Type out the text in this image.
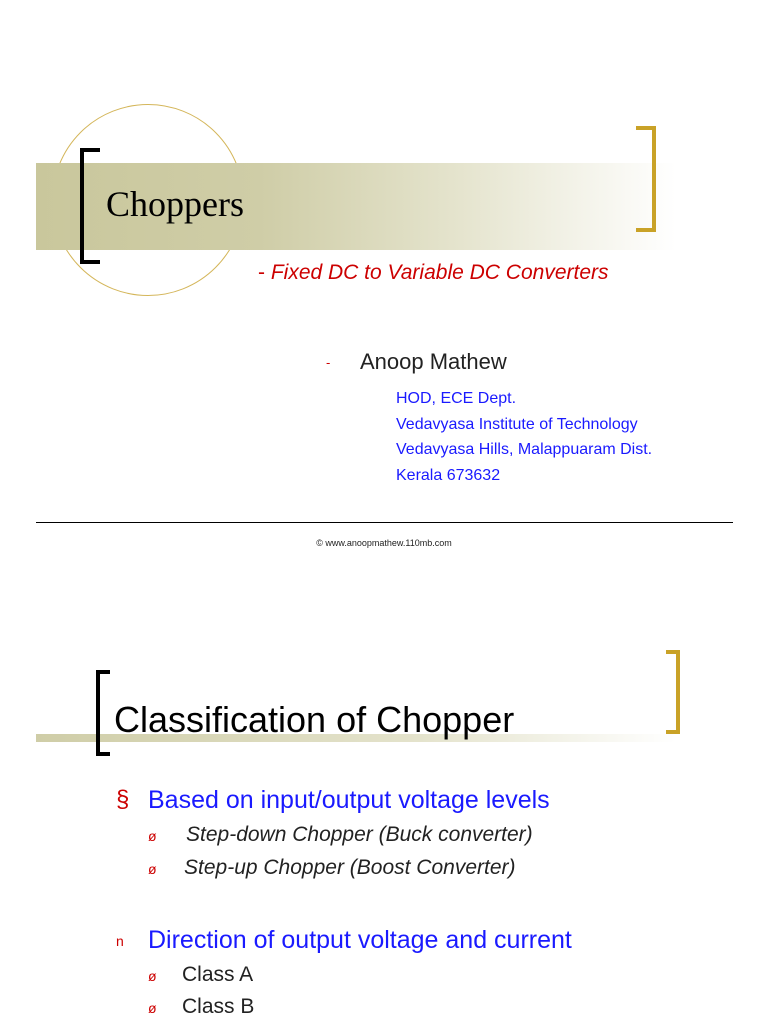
Choppers
- Fixed DC to Variable DC Converters
- Anoop Mathew
HOD, ECE Dept.
Vedavyasa Institute of Technology
Vedavyasa Hills, Malappuaram Dist.
Kerala 673632
© www.anoopmathew.110mb.com
Classification of Chopper
§ Based on input/output voltage levels
ø Step-down Chopper (Buck converter)
ø Step-up Chopper (Boost Converter)
n Direction of output voltage and current
ø Class A
ø Class B
